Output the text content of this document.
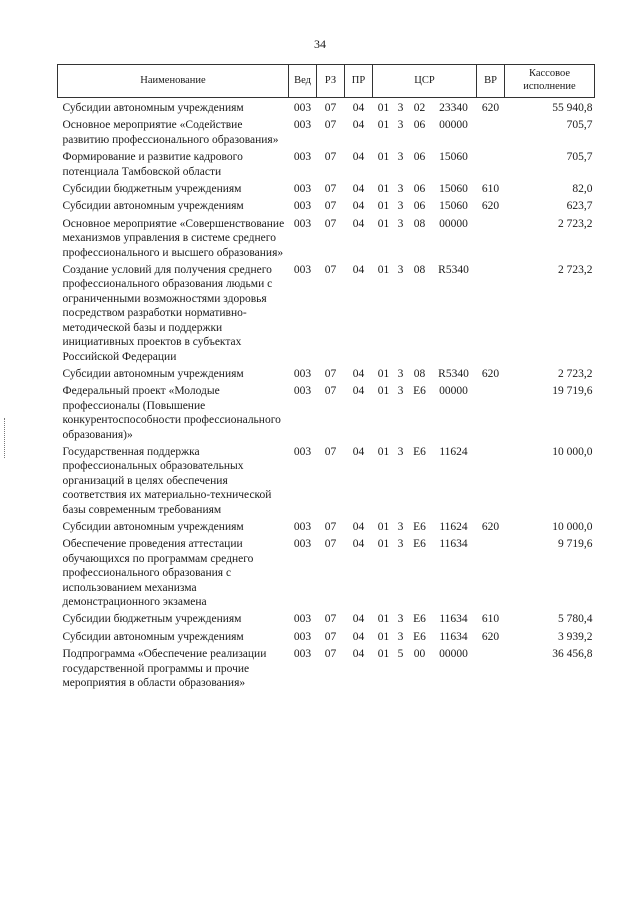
34
Наименование	Вед	РЗ	ПР	ЦСР	ВР	Кассовое исполнение
Субсидии автономным учреждениям	003	07	04	01 3 02 23340	620	55 940,8
Основное мероприятие «Содействие развитию профессионального образования»	003	07	04	01 3 06 00000		705,7
Формирование и развитие кадрового потенциала Тамбовской области	003	07	04	01 3 06 15060		705,7
Субсидии бюджетным учреждениям	003	07	04	01 3 06 15060	610	82,0
Субсидии автономным учреждениям	003	07	04	01 3 06 15060	620	623,7
Основное мероприятие «Совершенствование механизмов управления в системе среднего профессионального и высшего образования»	003	07	04	01 3 08 00000		2 723,2
Создание условий для получения среднего профессионального образования людьми с ограниченными возможностями здоровья посредством разработки нормативно-методической базы и поддержки инициативных проектов в субъектах Российской Федерации	003	07	04	01 3 08 R5340		2 723,2
Субсидии автономным учреждениям	003	07	04	01 3 08 R5340	620	2 723,2
Федеральный проект «Молодые профессионалы (Повышение конкурентоспособности профессионального образования)»	003	07	04	01 3 E6 00000		19 719,6
Государственная поддержка профессиональных образовательных организаций в целях обеспечения соответствия их материально-технической базы современным требованиям	003	07	04	01 3 E6 11624		10 000,0
Субсидии автономным учреждениям	003	07	04	01 3 E6 11624	620	10 000,0
Обеспечение проведения аттестации обучающихся по программам среднего профессионального образования с использованием механизма демонстрационного экзамена	003	07	04	01 3 E6 11634		9 719,6
Субсидии бюджетным учреждениям	003	07	04	01 3 E6 11634	610	5 780,4
Субсидии автономным учреждениям	003	07	04	01 3 E6 11634	620	3 939,2
Подпрограмма «Обеспечение реализации государственной программы и прочие мероприятия в области образования»	003	07	04	01 5 00 00000		36 456,8
